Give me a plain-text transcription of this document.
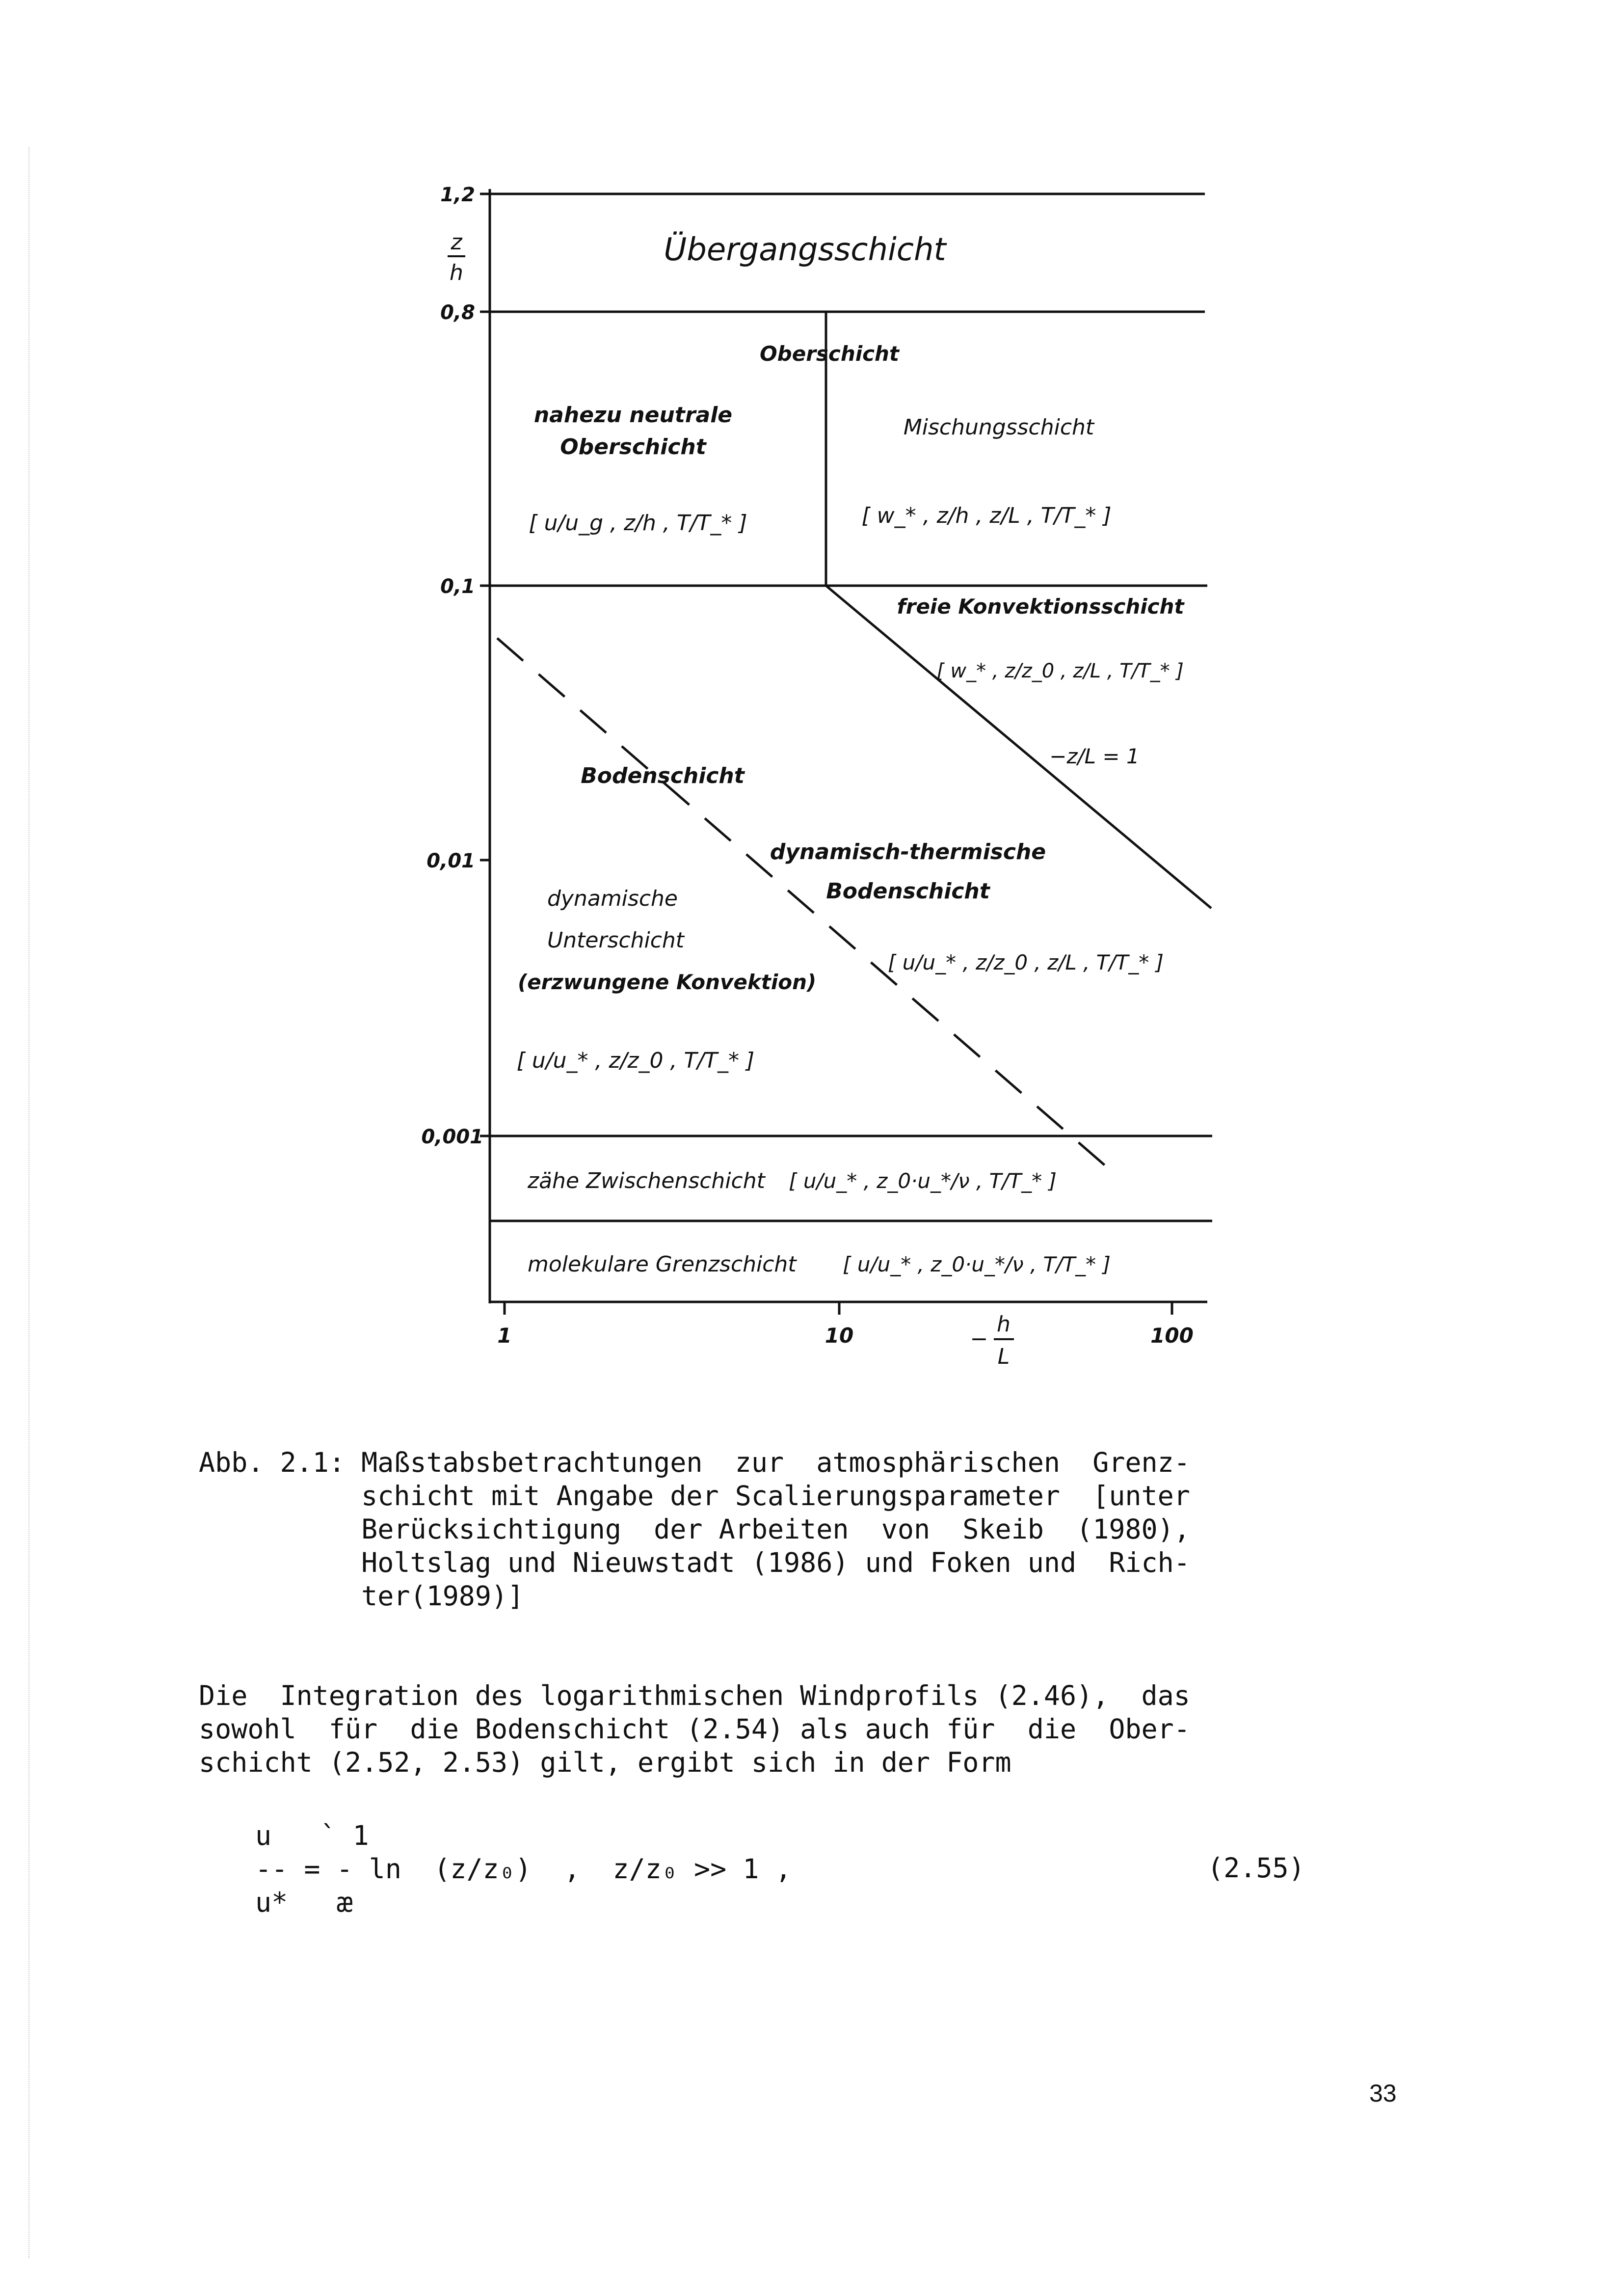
z
h
1,2
0,8
0,1
0,01
0,001
1	10	100
−
h
L
Übergangsschicht
Oberschicht
nahezu neutrale
Oberschicht
[ u/u_g , z/h , T/T_* ]
Mischungsschicht
[ w_* , z/h , z/L , T/T_* ]
freie Konvektionsschicht
[ w_* , z/z_0 , z/L , T/T_* ]
−z/L = 1
Bodenschicht
dynamisch-thermische
Bodenschicht
[ u/u_* , z/z_0 , z/L , T/T_* ]
dynamische
Unterschicht
(erzwungene Konvektion)
[ u/u_* , z/z_0 , T/T_* ]
zähe Zwischenschicht [ u/u_* , z_0·u_*/ν , T/T_* ]
molekulare Grenzschicht [ u/u_* , z_0·u_*/ν , T/T_* ]
Abb. 2.1: Maßstabsbetrachtungen  zur  atmosphärischen  Grenz-
schicht mit Angabe der Scalierungsparameter  [unter
Berücksichtigung  der Arbeiten  von  Skeib  (1980),
Holtslag und Nieuwstadt (1986) und Foken und  Rich-
ter(1989)]
Die  Integration des logarithmischen Windprofils (2.46),  das
sowohl  für  die Bodenschicht (2.54) als auch für  die  Ober-
schicht (2.52, 2.53) gilt, ergibt sich in der Form
u   ` 1
-- = - ln  (z/z₀)  ,  z/z₀ >> 1 ,
u*   æ
(2.55)
33
